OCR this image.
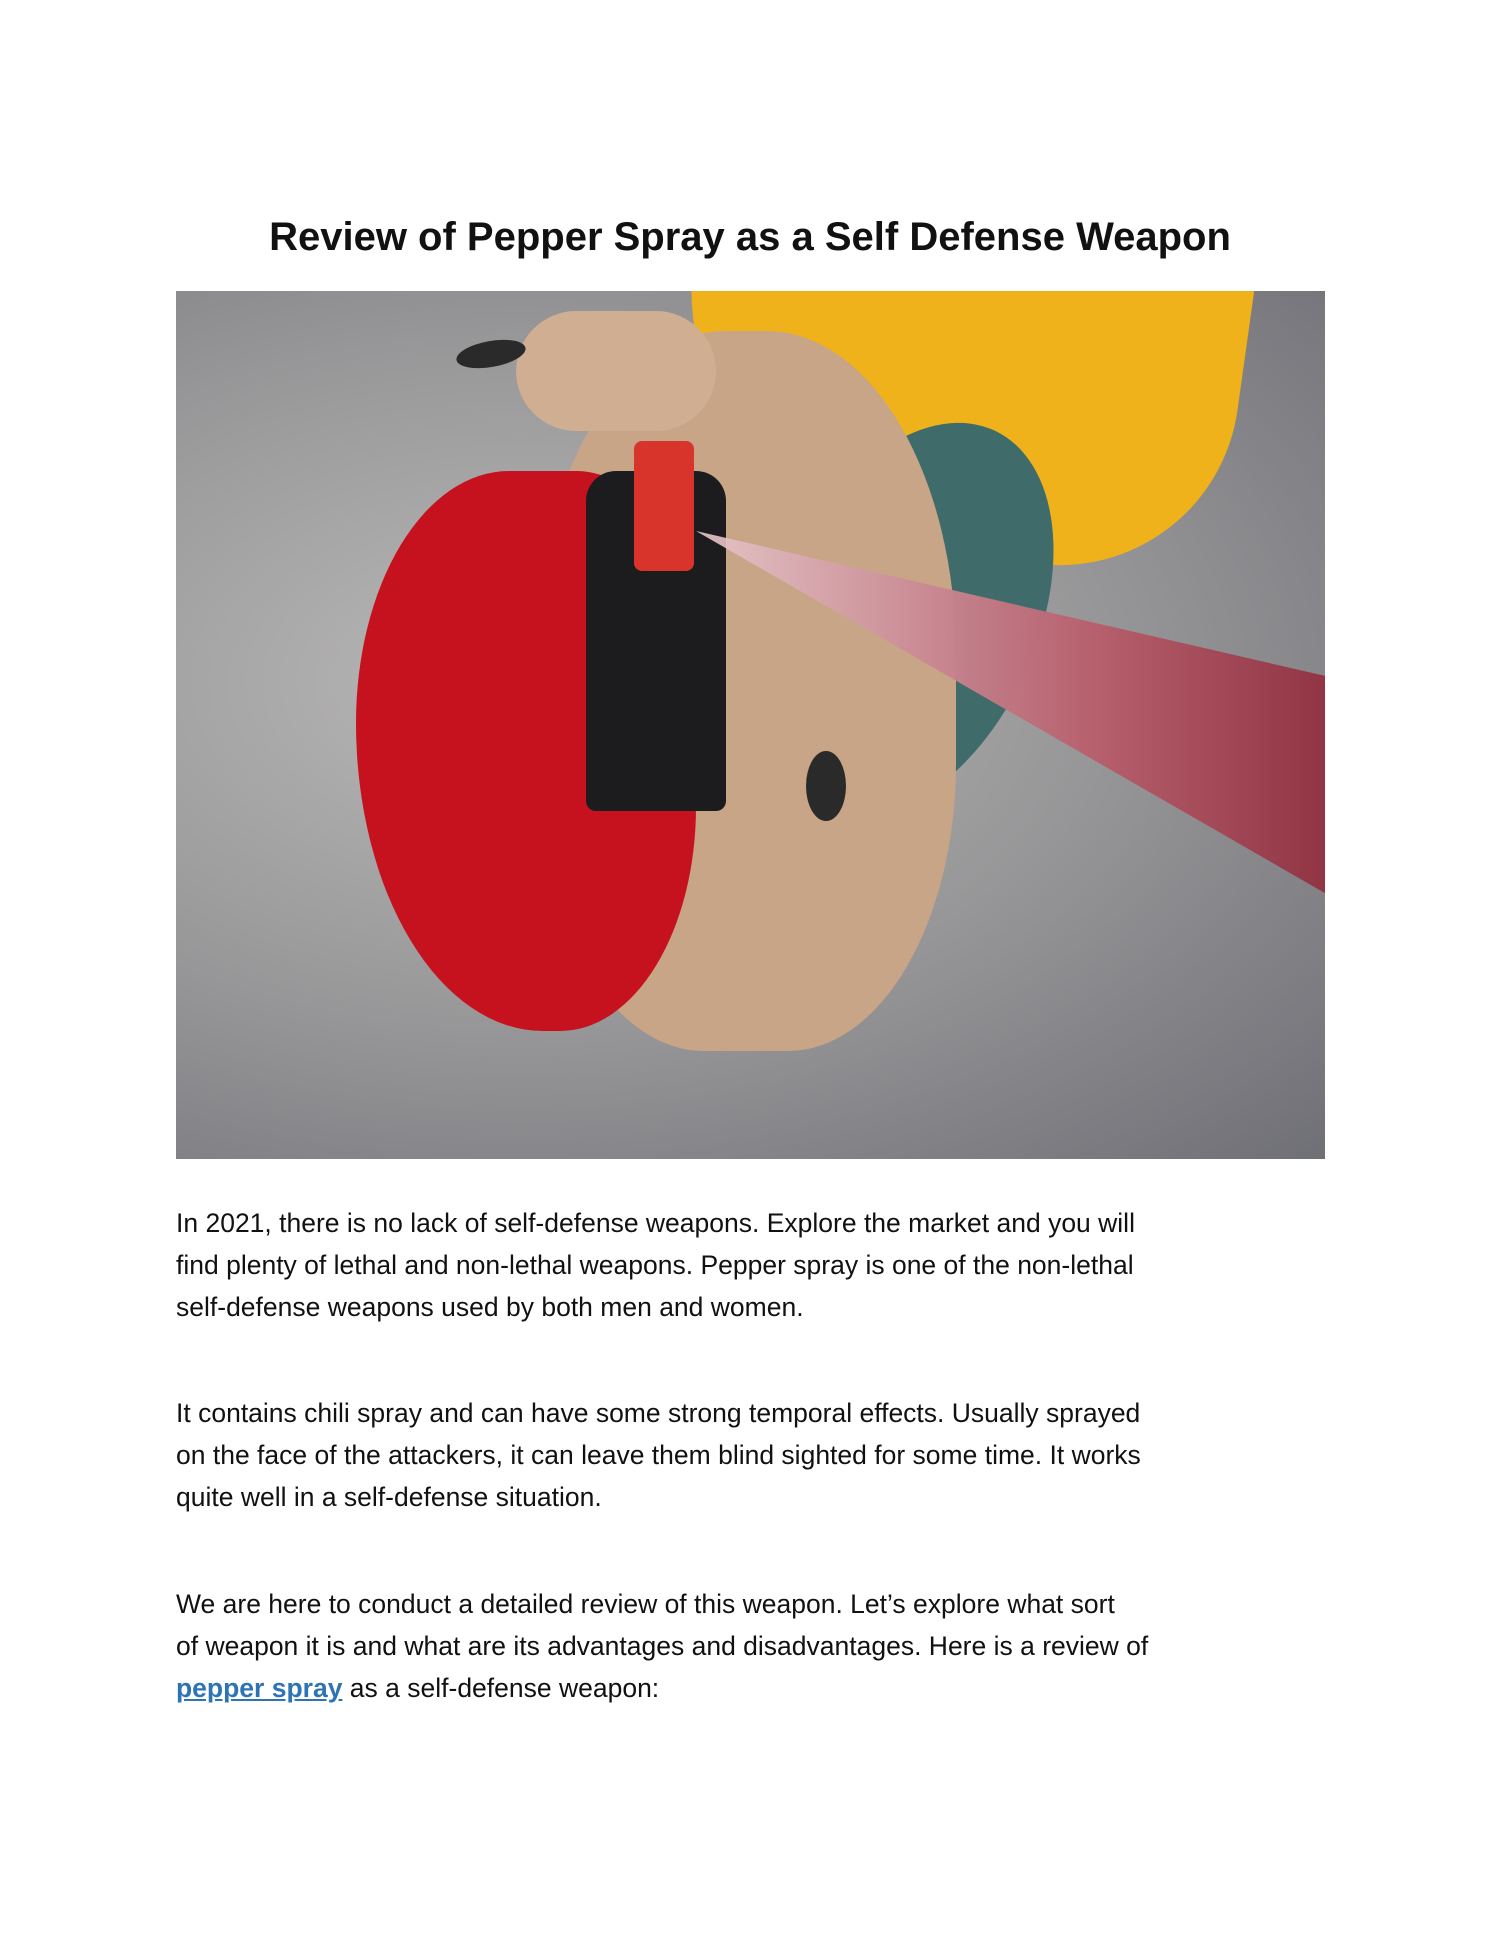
Review of Pepper Spray as a Self Defense Weapon
In 2021, there is no lack of self-defense weapons. Explore the market and you will
find plenty of lethal and non-lethal weapons. Pepper spray is one of the non-lethal
self-defense weapons used by both men and women.
It contains chili spray and can have some strong temporal effects. Usually sprayed
on the face of the attackers, it can leave them blind sighted for some time. It works
quite well in a self-defense situation.
We are here to conduct a detailed review of this weapon. Let’s explore what sort
of weapon it is and what are its advantages and disadvantages. Here is a review of
pepper spray as a self-defense weapon:
